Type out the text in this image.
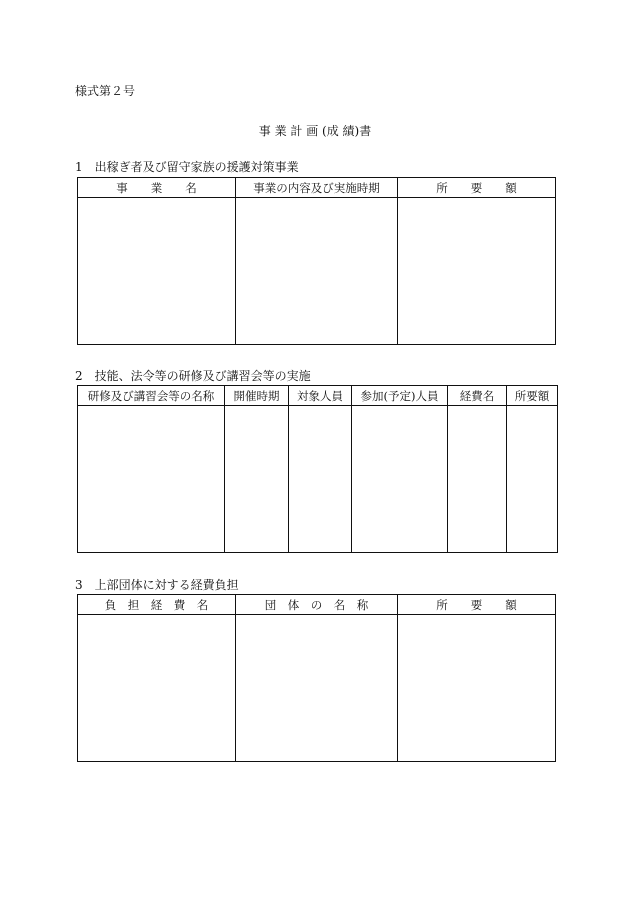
様式第２号
事 業 計 画 (成 績)書
1　出稼ぎ者及び留守家族の援護対策事業
事　　業　　名	事業の内容及び実施時期	所　　要　　額

2　技能、法令等の研修及び講習会等の実施
研修及び講習会等の名称	開催時期	対象人員	参加(予定)人員	経費名	所要額

3　上部団体に対する経費負担
負　担　経　費　名	団　体　の　名　称	所　　要　　額
